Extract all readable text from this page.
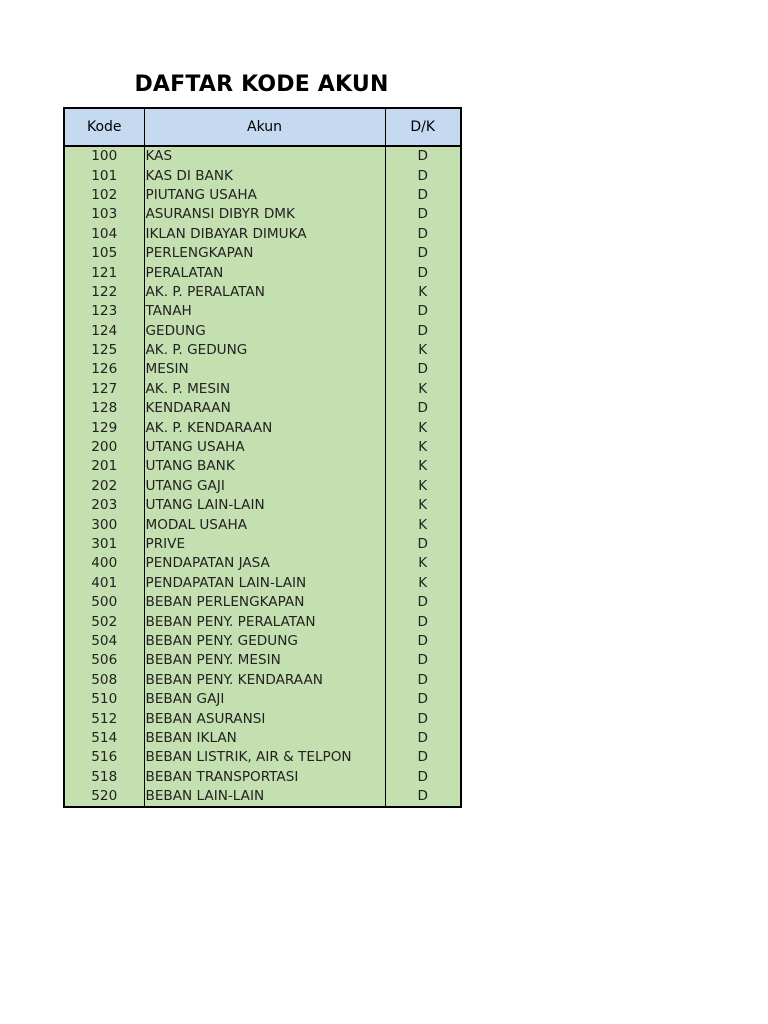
DAFTAR KODE AKUN
Kode	Akun	D/K
100	KAS	D
101	KAS DI BANK	D
102	PIUTANG USAHA	D
103	ASURANSI DIBYR DMK	D
104	IKLAN DIBAYAR DIMUKA	D
105	PERLENGKAPAN	D
121	PERALATAN	D
122	AK. P. PERALATAN	K
123	TANAH	D
124	GEDUNG	D
125	AK. P. GEDUNG	K
126	MESIN	D
127	AK. P. MESIN	K
128	KENDARAAN	D
129	AK. P. KENDARAAN	K
200	UTANG USAHA	K
201	UTANG BANK	K
202	UTANG GAJI	K
203	UTANG LAIN-LAIN	K
300	MODAL USAHA	K
301	PRIVE	D
400	PENDAPATAN JASA	K
401	PENDAPATAN LAIN-LAIN	K
500	BEBAN PERLENGKAPAN	D
502	BEBAN PENY. PERALATAN	D
504	BEBAN PENY. GEDUNG	D
506	BEBAN PENY. MESIN	D
508	BEBAN PENY. KENDARAAN	D
510	BEBAN GAJI	D
512	BEBAN ASURANSI	D
514	BEBAN IKLAN	D
516	BEBAN LISTRIK, AIR & TELPON	D
518	BEBAN TRANSPORTASI	D
520	BEBAN LAIN-LAIN	D
